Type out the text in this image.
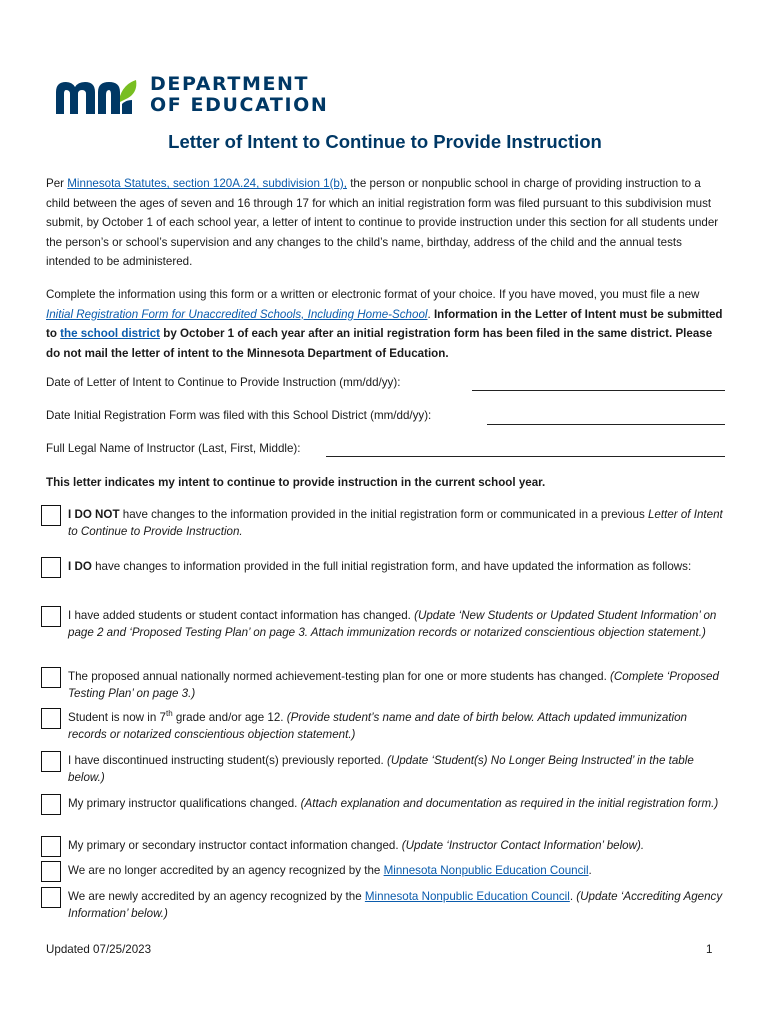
DEPARTMENT
OF EDUCATION
Letter of Intent to Continue to Provide Instruction
Per Minnesota Statutes, section 120A.24, subdivision 1(b), the person or nonpublic school in charge of providing instruction to a child between the ages of seven and 16 through 17 for which an initial registration form was filed pursuant to this subdivision must submit, by October 1 of each school year, a letter of intent to continue to provide instruction under this section for all students under the person’s or school’s supervision and any changes to the child’s name, birthday, address of the child and the annual tests intended to be administered.
Complete the information using this form or a written or electronic format of your choice. If you have moved, you must file a new Initial Registration Form for Unaccredited Schools, Including Home-School. Information in the Letter of Intent must be submitted to the school district by October 1 of each year after an initial registration form has been filed in the same district. Please do not mail the letter of intent to the Minnesota Department of Education.
Date of Letter of Intent to Continue to Provide Instruction (mm/dd/yy):
Date Initial Registration Form was filed with this School District (mm/dd/yy):
Full Legal Name of Instructor (Last, First, Middle):
This letter indicates my intent to continue to provide instruction in the current school year.
I DO NOT have changes to the information provided in the initial registration form or communicated in a previous Letter of Intent to Continue to Provide Instruction.
I DO have changes to information provided in the full initial registration form, and have updated the information as follows:
I have added students or student contact information has changed. (Update ‘New Students or Updated Student Information’ on page 2 and ‘Proposed Testing Plan’ on page 3. Attach immunization records or notarized conscientious objection statement.)
The proposed annual nationally normed achievement-testing plan for one or more students has changed. (Complete ‘Proposed Testing Plan’ on page 3.)
Student is now in 7th grade and/or age 12. (Provide student’s name and date of birth below. Attach updated immunization records or notarized conscientious objection statement.)
I have discontinued instructing student(s) previously reported. (Update ‘Student(s) No Longer Being Instructed’ in the table below.)
My primary instructor qualifications changed. (Attach explanation and documentation as required in the initial registration form.)
My primary or secondary instructor contact information changed. (Update ‘Instructor Contact Information’ below).
We are no longer accredited by an agency recognized by the Minnesota Nonpublic Education Council.
We are newly accredited by an agency recognized by the Minnesota Nonpublic Education Council. (Update ‘Accrediting Agency Information’ below.)
Updated 07/25/2023	1
